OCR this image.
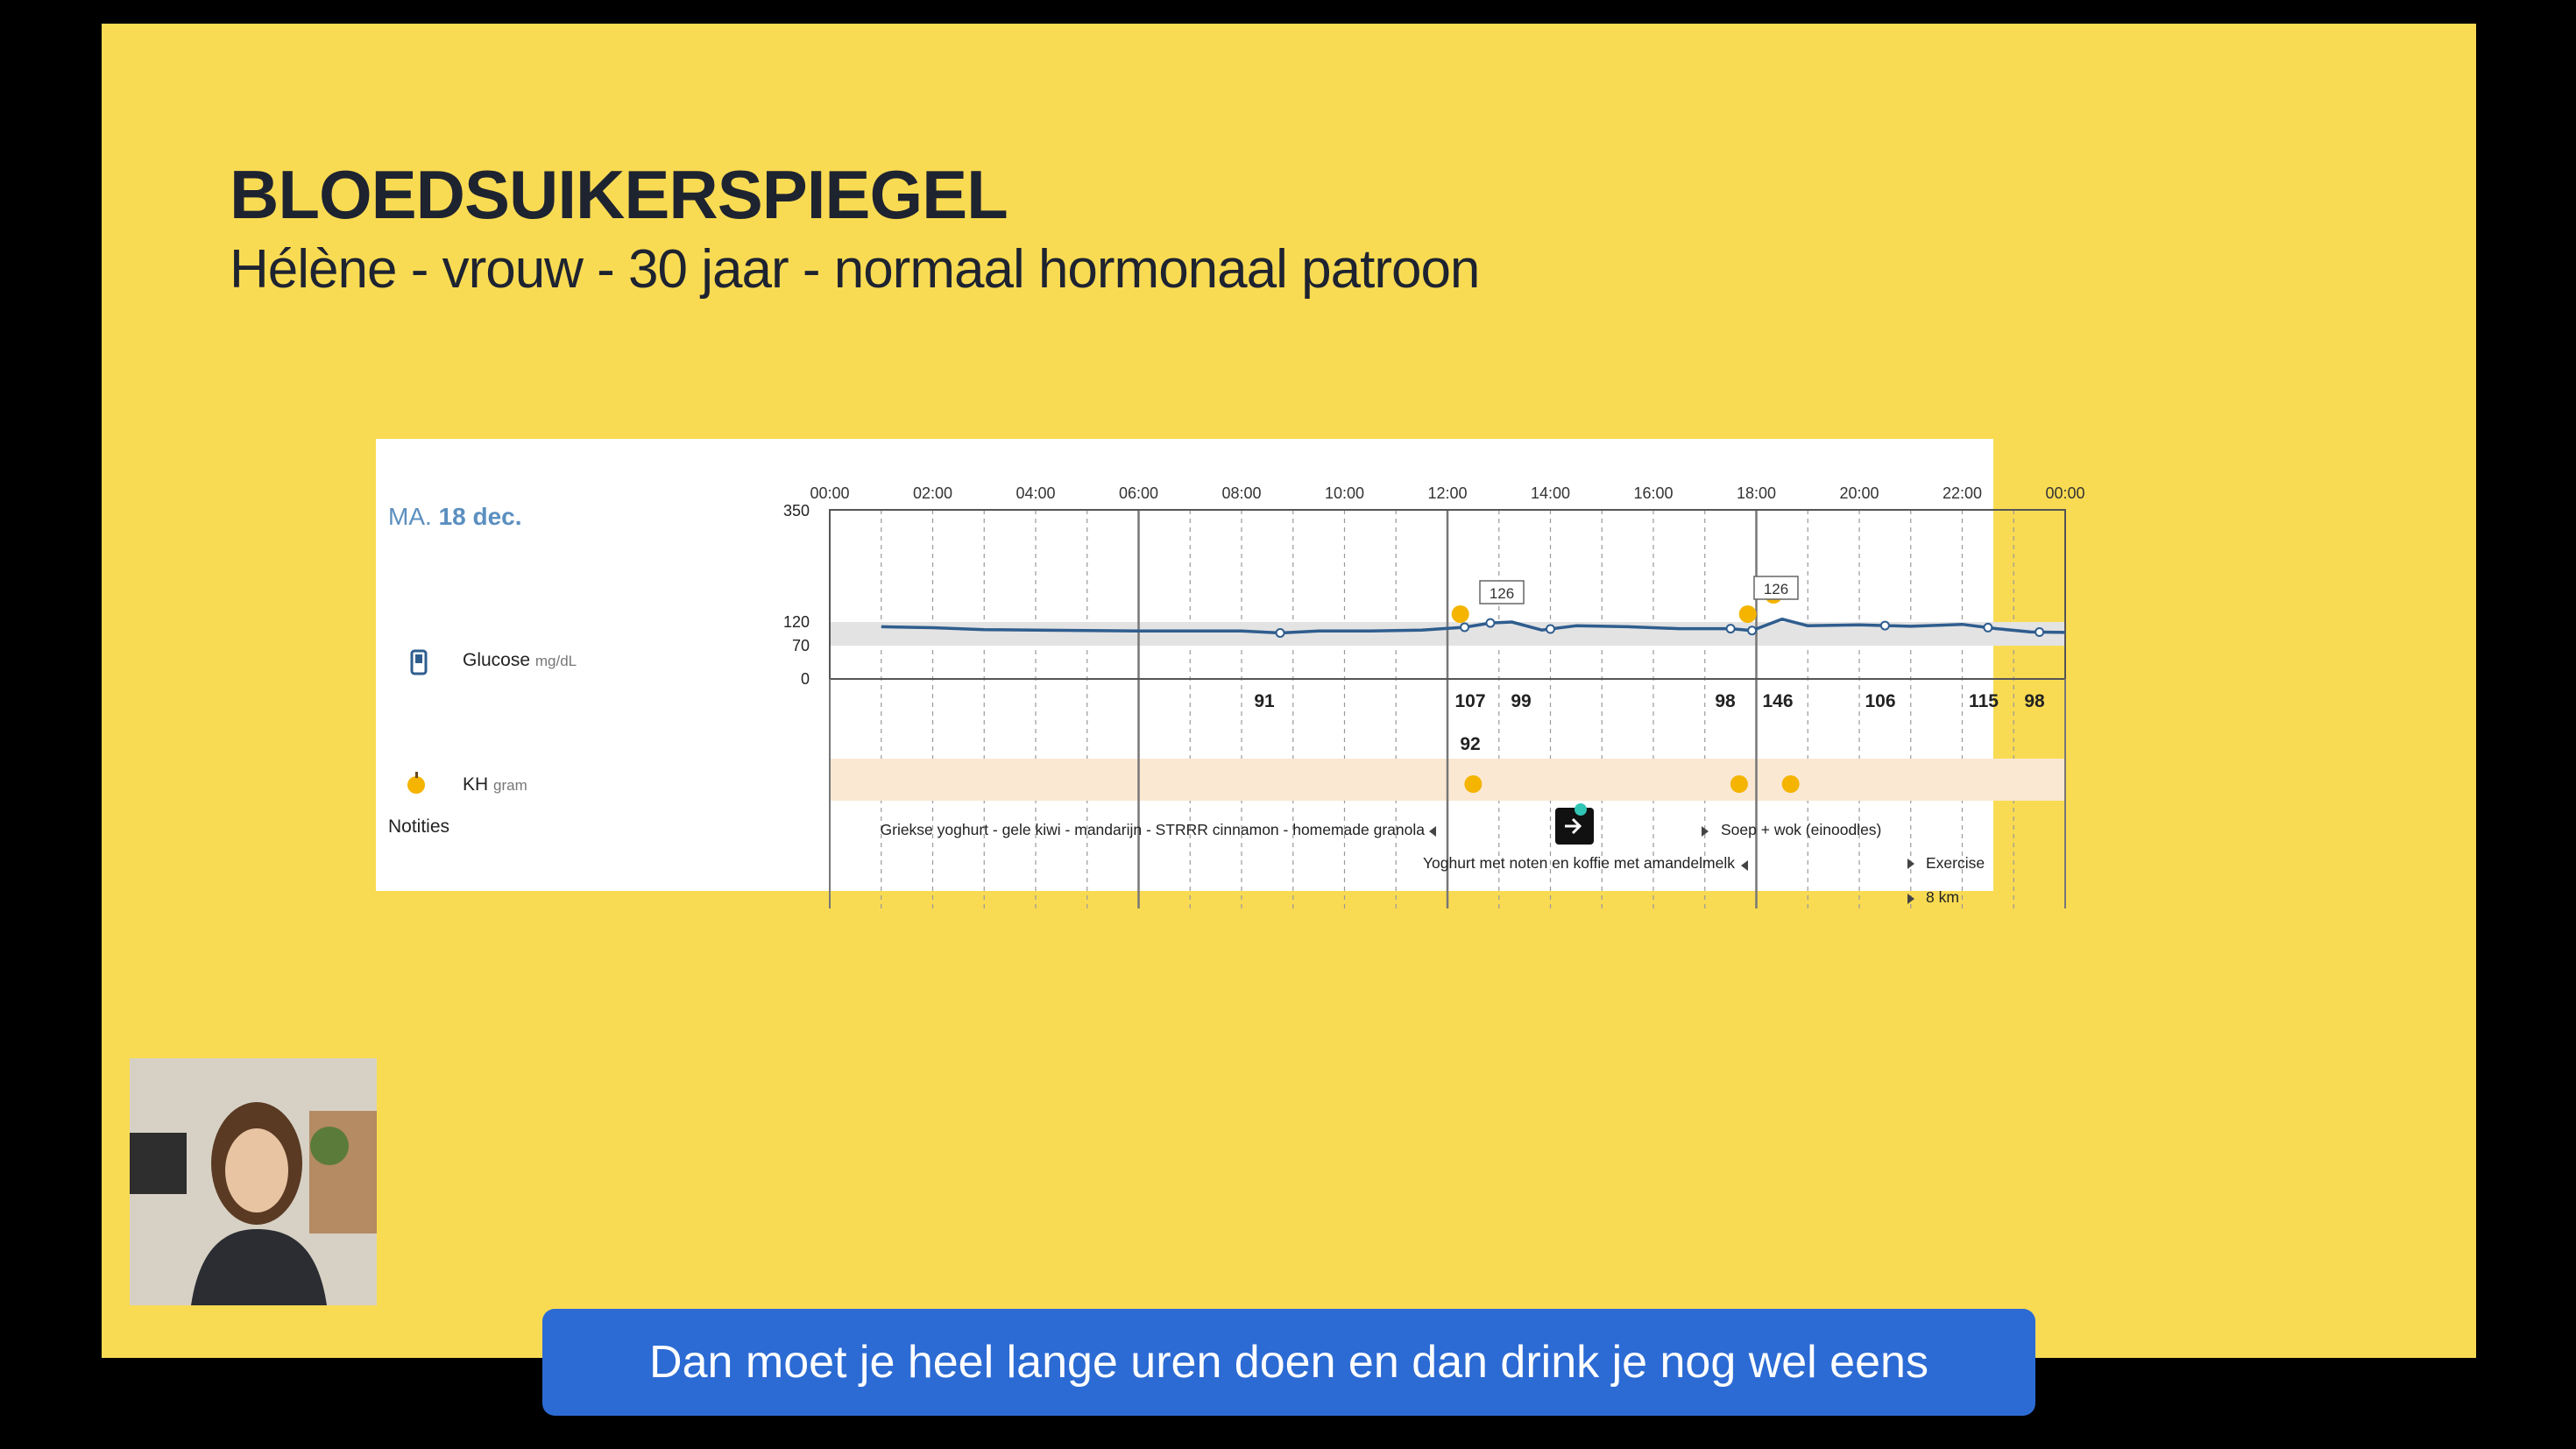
BLOEDSUIKERSPIEGEL
Hélène - vrouw - 30 jaar - normaal hormonaal patroon
MA. 18 dec.
Glucose mg/dL
KH gram
Notities
350
120
70
0
00:00	02:00	04:00	06:00	08:00	10:00	12:00	14:00	16:00	18:00	20:00	22:00	00:00
126	126
91	107 99	98 146	106	115 98
92
Griekse yoghurt - gele kiwi - mandarijn - STRRR cinnamon - homemade granola
Yoghurt met noten en koffie met amandelmelk
Soep + wok (einoodles)
Exercise
8 km
Dan moet je heel lange uren doen en dan drink je nog wel eens
